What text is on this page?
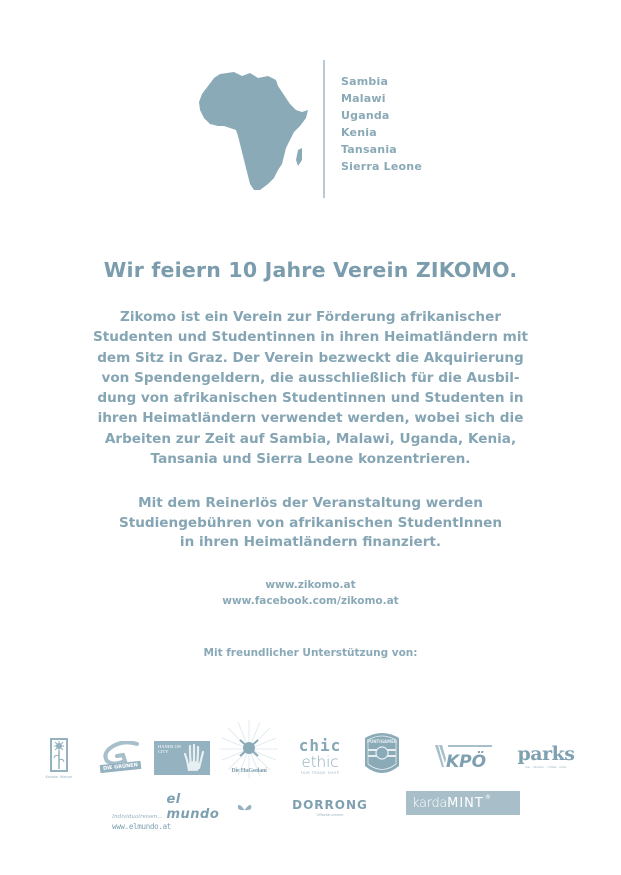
Sambia
Malawi
Uganda
Kenia
Tansania
Sierra Leone
Wir feiern 10 Jahre Verein ZIKOMO.
Zikomo ist ein Verein zur Förderung afrikanischer
Studenten und Studentinnen in ihren Heimatländern mit
dem Sitz in Graz. Der Verein bezweckt die Akquirierung
von Spendengeldern, die ausschließlich für die Ausbil-
dung von afrikanischen Studentinnen und Studenten in
ihren Heimatländern verwendet werden, wobei sich die
Arbeiten zur Zeit auf Sambia, Malawi, Uganda, Kenia,
Tansania und Sierra Leone konzentrieren.
Mit dem Reinerlös der Veranstaltung werden
Studiengebühren von afrikanischen StudentInnen
in ihren Heimatländern finanziert.
www.zikomo.at
www.facebook.com/zikomo.at
Mit freundlicher Unterstützung von:
Kolador Wasser
DIE GRÜNEN
HANDS ON CITY
Die HuGsolani
chic
ethic
FAIR TRADE SHOP
PUNTIGAMER
KPÖ parks
bar · fashion · coffee · shop
Individualreisen...
el mundo
www.elmundo.at
DORRONG
Offsetdruckerei
karda MINT ®
